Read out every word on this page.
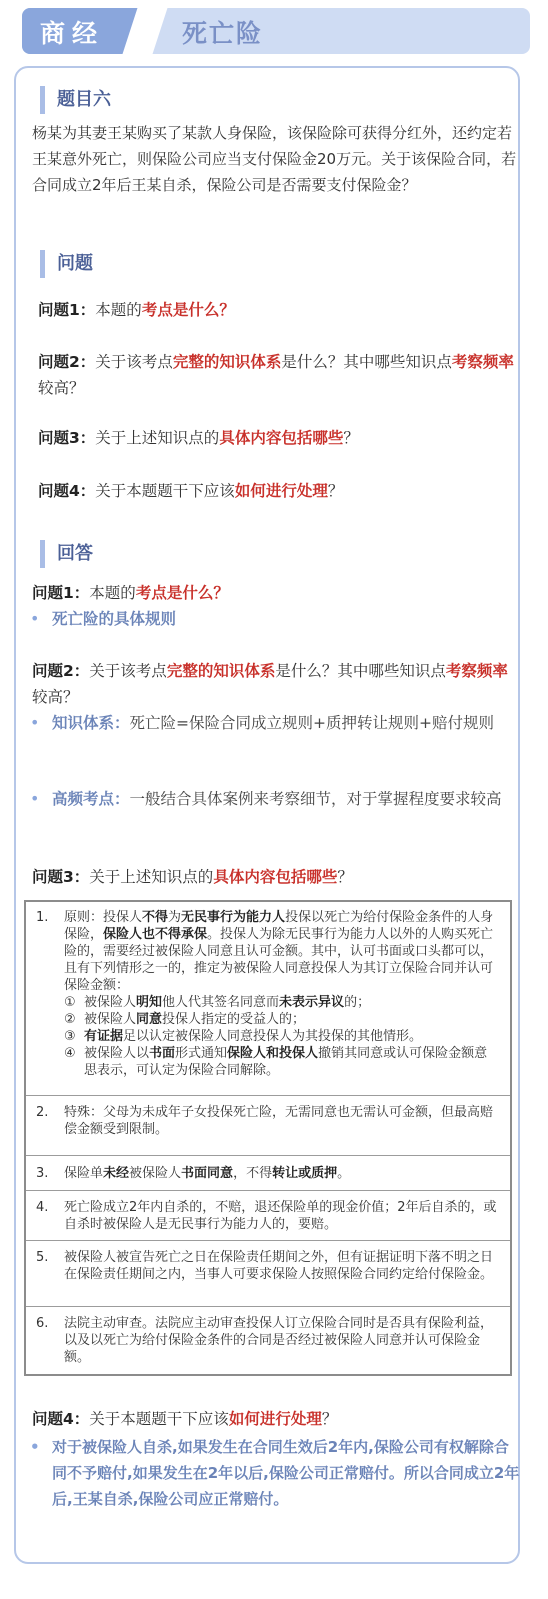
商经	死亡险
题目六
杨某为其妻王某购买了某款人身保险，该保险除可获得分红外，还约定若王某意外死亡，则保险公司应当支付保险金20万元。关于该保险合同，若合同成立2年后王某自杀，保险公司是否需要支付保险金？
问题
问题1：本题的考点是什么？
问题2：关于该考点完整的知识体系是什么？其中哪些知识点考察频率较高？
问题3：关于上述知识点的具体内容包括哪些？
问题4：关于本题题干下应该如何进行处理？
回答
问题1：本题的考点是什么？
• 死亡险的具体规则
问题2：关于该考点完整的知识体系是什么？其中哪些知识点考察频率较高？
• 知识体系：死亡险=保险合同成立规则+质押转让规则+赔付规则
• 高频考点：一般结合具体案例来考察细节，对于掌握程度要求较高
问题3：关于上述知识点的具体内容包括哪些？
1.	原则：投保人不得为无民事行为能力人投保以死亡为给付保险金条件的人身保险，保险人也不得承保。投保人为除无民事行为能力人以外的人购买死亡险的，需要经过被保险人同意且认可金额。其中，认可书面或口头都可以，且有下列情形之一的，推定为被保险人同意投保人为其订立保险合同并认可保险金额：
① 被保险人明知他人代其签名同意而未表示异议的；
② 被保险人同意投保人指定的受益人的；
③ 有证据足以认定被保险人同意投保人为其投保的其他情形。
④ 被保险人以书面形式通知保险人和投保人撤销其同意或认可保险金额意思表示，可认定为保险合同解除。
2.	特殊：父母为未成年子女投保死亡险，无需同意也无需认可金额，但最高赔偿金额受到限制。
3.	保险单未经被保险人书面同意，不得转让或质押。
4.	死亡险成立2年内自杀的，不赔，退还保险单的现金价值；2年后自杀的，或自杀时被保险人是无民事行为能力人的，要赔。
5.	被保险人被宣告死亡之日在保险责任期间之外，但有证据证明下落不明之日在保险责任期间之内，当事人可要求保险人按照保险合同约定给付保险金。
6.	法院主动审查。法院应主动审查投保人订立保险合同时是否具有保险利益，以及以死亡为给付保险金条件的合同是否经过被保险人同意并认可保险金额。
问题4：关于本题题干下应该如何进行处理？
• 对于被保险人自杀,如果发生在合同生效后2年内,保险公司有权解除合同不予赔付,如果发生在2年以后,保险公司正常赔付。所以合同成立2年后,王某自杀,保险公司应正常赔付。
